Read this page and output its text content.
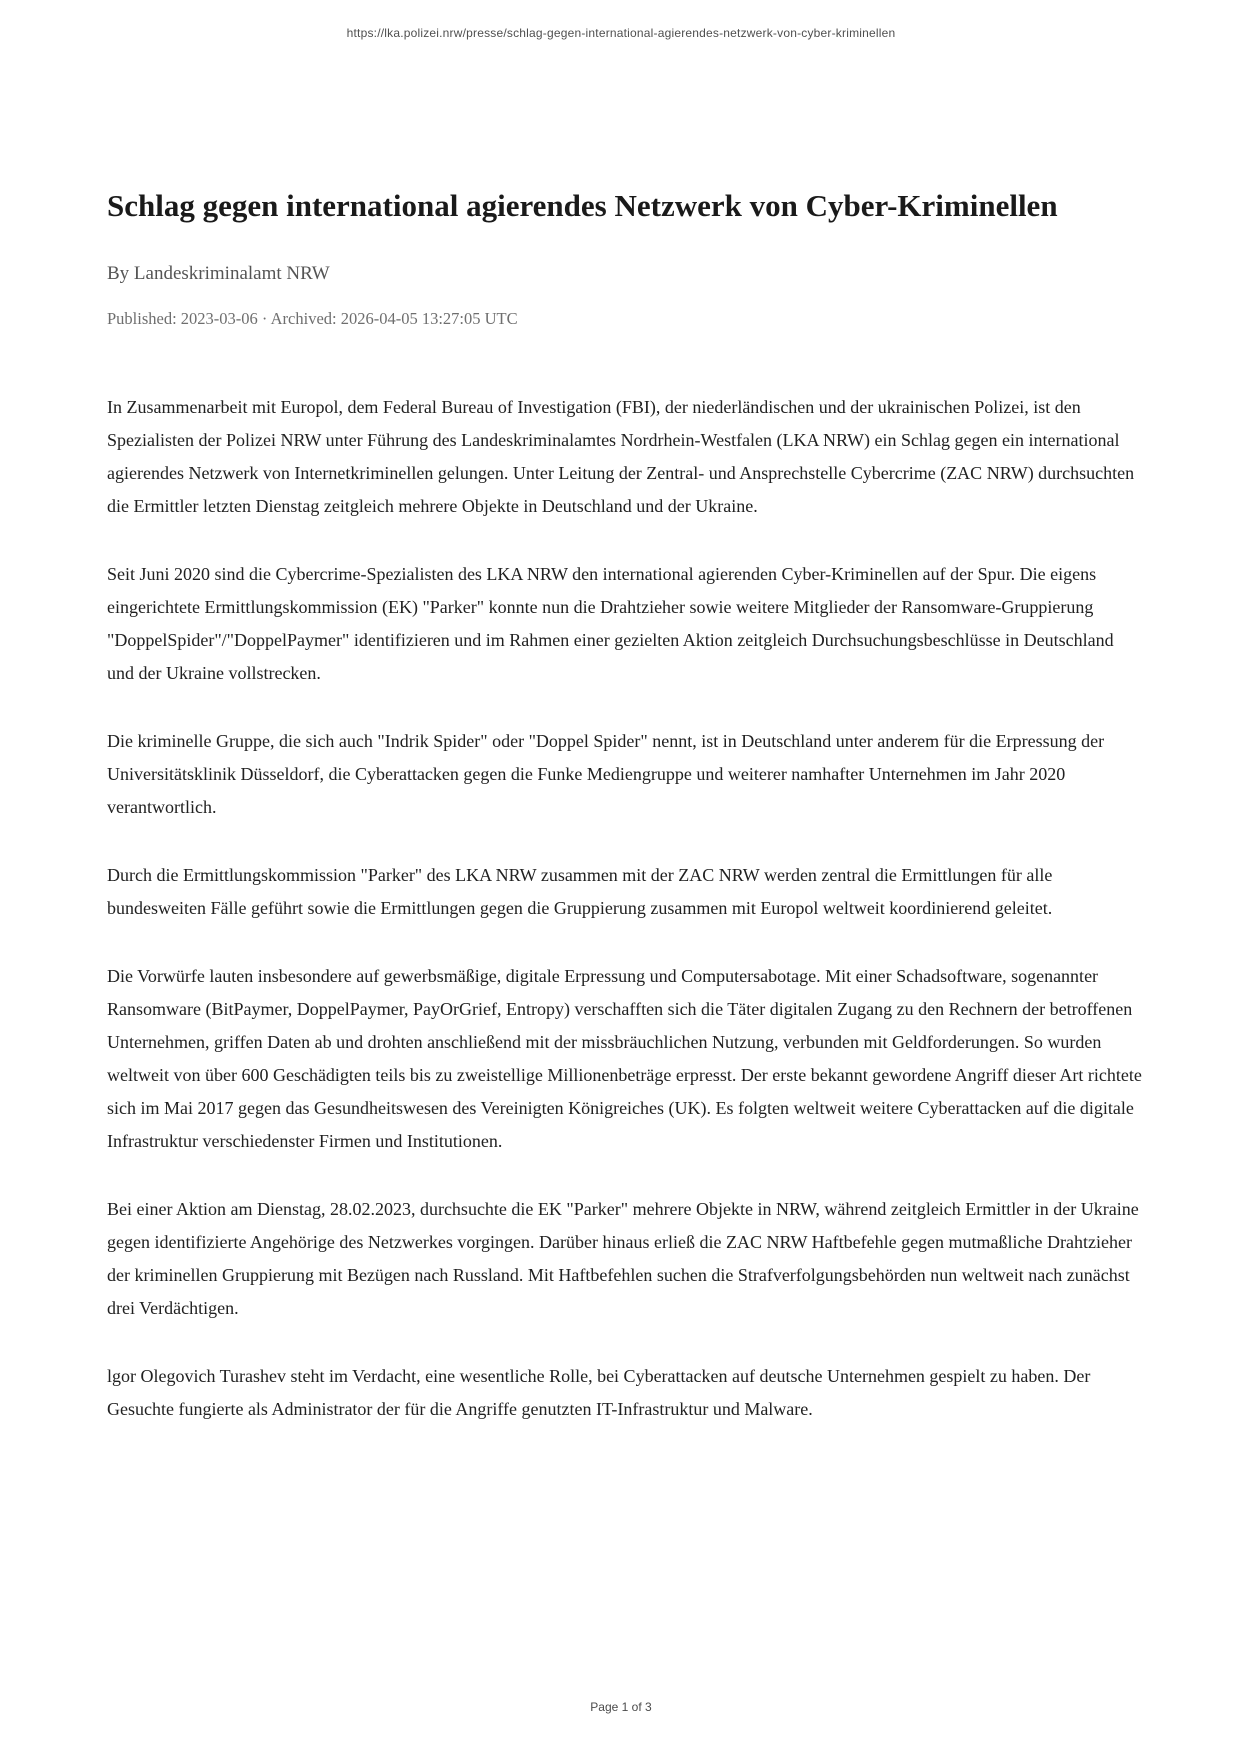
https://lka.polizei.nrw/presse/schlag-gegen-international-agierendes-netzwerk-von-cyber-kriminellen
Schlag gegen international agierendes Netzwerk von Cyber-Kriminellen
By Landeskriminalamt NRW
Published: 2023-03-06 · Archived: 2026-04-05 13:27:05 UTC

In Zusammenarbeit mit Europol, dem Federal Bureau of Investigation (FBI), der niederländischen und der ukrainischen Polizei, ist den Spezialisten der Polizei NRW unter Führung des Landeskriminalamtes Nordrhein-Westfalen (LKA NRW) ein Schlag gegen ein international agierendes Netzwerk von Internetkriminellen gelungen. Unter Leitung der Zentral- und Ansprechstelle Cybercrime (ZAC NRW) durchsuchten die Ermittler letzten Dienstag zeitgleich mehrere Objekte in Deutschland und der Ukraine.

Seit Juni 2020 sind die Cybercrime-Spezialisten des LKA NRW den international agierenden Cyber-Kriminellen auf der Spur. Die eigens eingerichtete Ermittlungskommission (EK) "Parker" konnte nun die Drahtzieher sowie weitere Mitglieder der Ransomware-Gruppierung "DoppelSpider"/"DoppelPaymer" identifizieren und im Rahmen einer gezielten Aktion zeitgleich Durchsuchungsbeschlüsse in Deutschland und der Ukraine vollstrecken.

Die kriminelle Gruppe, die sich auch "Indrik Spider" oder "Doppel Spider" nennt, ist in Deutschland unter anderem für die Erpressung der Universitätsklinik Düsseldorf, die Cyberattacken gegen die Funke Mediengruppe und weiterer namhafter Unternehmen im Jahr 2020 verantwortlich.

Durch die Ermittlungskommission "Parker" des LKA NRW zusammen mit der ZAC NRW werden zentral die Ermittlungen für alle bundesweiten Fälle geführt sowie die Ermittlungen gegen die Gruppierung zusammen mit Europol weltweit koordinierend geleitet.

Die Vorwürfe lauten insbesondere auf gewerbsmäßige, digitale Erpressung und Computersabotage. Mit einer Schadsoftware, sogenannter Ransomware (BitPaymer, DoppelPaymer, PayOrGrief, Entropy) verschafften sich die Täter digitalen Zugang zu den Rechnern der betroffenen Unternehmen, griffen Daten ab und drohten anschließend mit der missbräuchlichen Nutzung, verbunden mit Geldforderungen. So wurden weltweit von über 600 Geschädigten teils bis zu zweistellige Millionenbeträge erpresst. Der erste bekannt gewordene Angriff dieser Art richtete sich im Mai 2017 gegen das Gesundheitswesen des Vereinigten Königreiches (UK). Es folgten weltweit weitere Cyberattacken auf die digitale Infrastruktur verschiedenster Firmen und Institutionen.

Bei einer Aktion am Dienstag, 28.02.2023, durchsuchte die EK "Parker" mehrere Objekte in NRW, während zeitgleich Ermittler in der Ukraine gegen identifizierte Angehörige des Netzwerkes vorgingen. Darüber hinaus erließ die ZAC NRW Haftbefehle gegen mutmaßliche Drahtzieher der kriminellen Gruppierung mit Bezügen nach Russland. Mit Haftbefehlen suchen die Strafverfolgungsbehörden nun weltweit nach zunächst drei Verdächtigen.

lgor Olegovich Turashev steht im Verdacht, eine wesentliche Rolle, bei Cyberattacken auf deutsche Unternehmen gespielt zu haben. Der Gesuchte fungierte als Administrator der für die Angriffe genutzten IT-Infrastruktur und Malware.

Page 1 of 3
